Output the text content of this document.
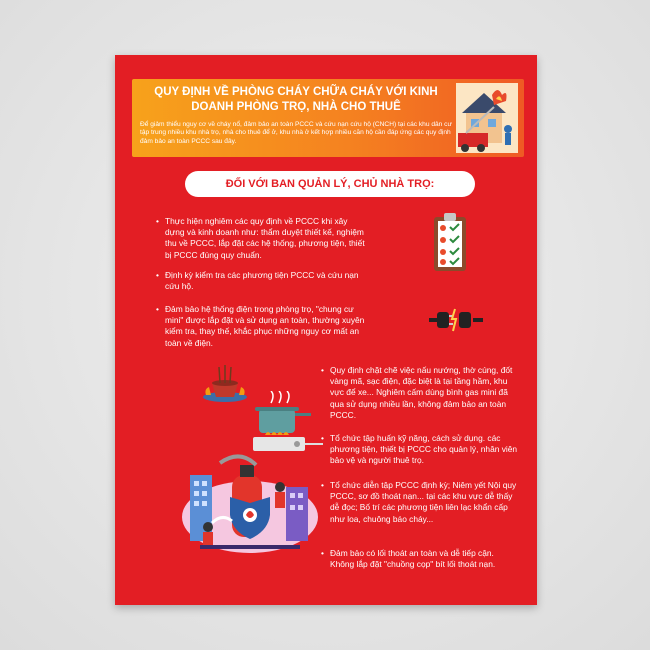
QUY ĐỊNH VỀ PHÒNG CHÁY CHỮA CHÁY VỚI KINH DOANH PHÒNG TRỌ, NHÀ CHO THUÊ
Để giảm thiểu nguy cơ về cháy nổ, đảm bảo an toàn PCCC và cứu nạn cứu hộ (CNCH) tại các khu dân cư tập trung nhiều khu nhà trọ, nhà cho thuê để ở, khu nhà ở kết hợp nhiều căn hộ cần đáp ứng các quy định đảm bảo an toàn PCCC sau đây.
ĐỐI VỚI BAN QUẢN LÝ, CHỦ NHÀ TRỌ:
• Thực hiện nghiêm các quy định về PCCC khi xây dựng và kinh doanh như: thẩm duyệt thiết kế, nghiệm thu về PCCC, lắp đặt các hệ thống, phương tiện, thiết bị PCCC đúng quy chuẩn.
• Định kỳ kiểm tra các phương tiện PCCC và cứu nạn cứu hộ.
• Đảm bảo hệ thống điện trong phòng trọ, "chung cư mini" được lắp đặt và sử dụng an toàn, thường xuyên kiểm tra, thay thế, khắc phục những nguy cơ mất an toàn về điện.
• Quy định chặt chẽ việc nấu nướng, thờ cúng, đốt vàng mã, sạc điện, đặc biệt là tại tầng hầm, khu vực để xe... Nghiêm cấm dùng bình gas mini đã qua sử dụng nhiều lần, không đảm bảo an toàn PCCC.
• Tổ chức tập huấn kỹ năng, cách sử dụng. các phương tiện, thiết bị PCCC cho quản lý, nhân viên bảo vệ và người thuê trọ.
• Tổ chức diễn tập PCCC định kỳ; Niêm yết Nội quy PCCC, sơ đồ thoát nạn... tại các khu vực dễ thấy dễ đọc; Bố trí các phương tiện liên lạc khẩn cấp như loa, chuông báo cháy...
• Đảm bảo có lối thoát an toàn và dễ tiếp cận. Không lắp đặt "chuồng cọp" bít lối thoát nạn.
